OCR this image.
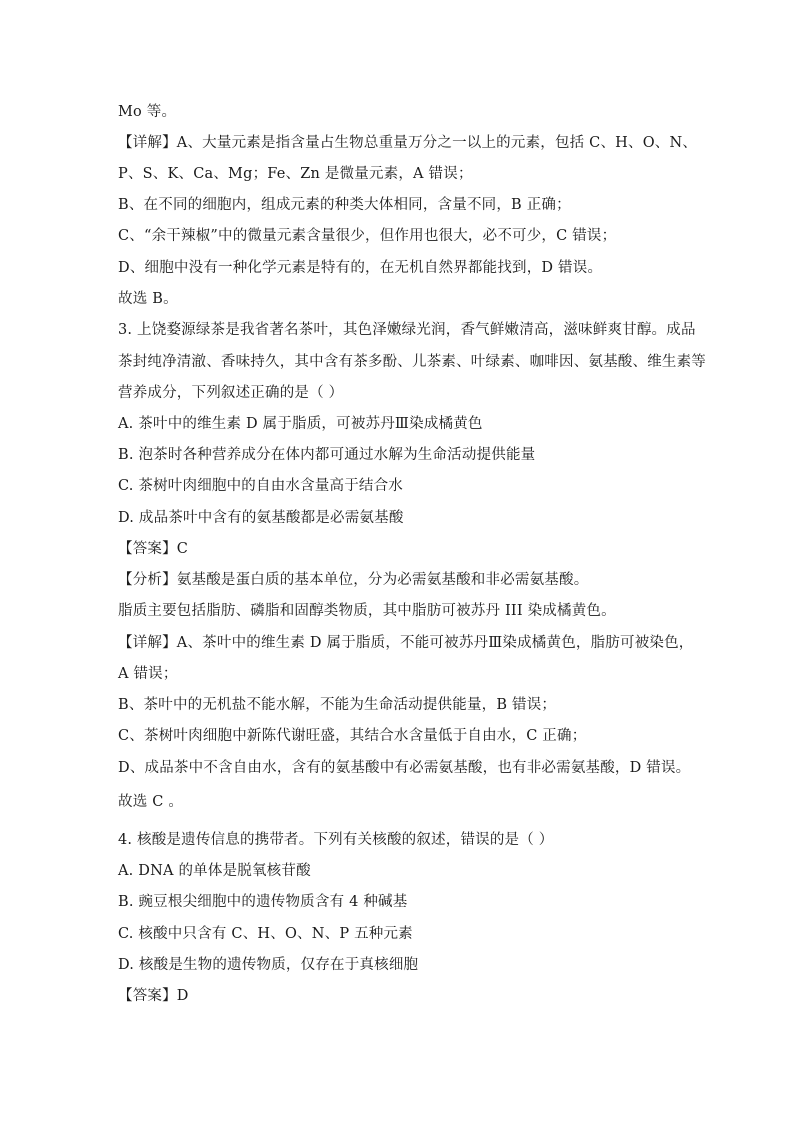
Mo 等。
【详解】A、大量元素是指含量占生物总重量万分之一以上的元素，包括 C、H、O、N、
P、S、K、Ca、Mg；Fe、Zn 是微量元素，A 错误；
B、在不同的细胞内，组成元素的种类大体相同，含量不同，B 正确；
C、“余干辣椒”中的微量元素含量很少，但作用也很大，必不可少，C 错误；
D、细胞中没有一种化学元素是特有的，在无机自然界都能找到，D 错误。
故选 B。
3. 上饶婺源绿茶是我省著名茶叶，其色泽嫩绿光润，香气鲜嫩清高，滋味鲜爽甘醇。成品
茶封纯净清澈、香味持久，其中含有茶多酚、儿茶素、叶绿素、咖啡因、氨基酸、维生素等
营养成分，下列叙述正确的是（ ）
A. 茶叶中的维生素 D 属于脂质，可被苏丹Ⅲ染成橘黄色
B. 泡茶时各种营养成分在体内都可通过水解为生命活动提供能量
C. 茶树叶肉细胞中的自由水含量高于结合水
D. 成品茶叶中含有的氨基酸都是必需氨基酸
【答案】C
【分析】氨基酸是蛋白质的基本单位，分为必需氨基酸和非必需氨基酸。
脂质主要包括脂肪、磷脂和固醇类物质，其中脂肪可被苏丹 III 染成橘黄色。
【详解】A、茶叶中的维生素 D 属于脂质，不能可被苏丹Ⅲ染成橘黄色，脂肪可被染色，
A 错误；
B、茶叶中的无机盐不能水解，不能为生命活动提供能量，B 错误；
C、茶树叶肉细胞中新陈代谢旺盛，其结合水含量低于自由水，C 正确；
D、成品茶中不含自由水，含有的氨基酸中有必需氨基酸，也有非必需氨基酸，D 错误。
故选 C 。
4. 核酸是遗传信息的携带者。下列有关核酸的叙述，错误的是（ ）
A. DNA 的单体是脱氧核苷酸
B. 豌豆根尖细胞中的遗传物质含有 4 种碱基
C. 核酸中只含有 C、H、O、N、P 五种元素
D. 核酸是生物的遗传物质，仅存在于真核细胞
【答案】D
